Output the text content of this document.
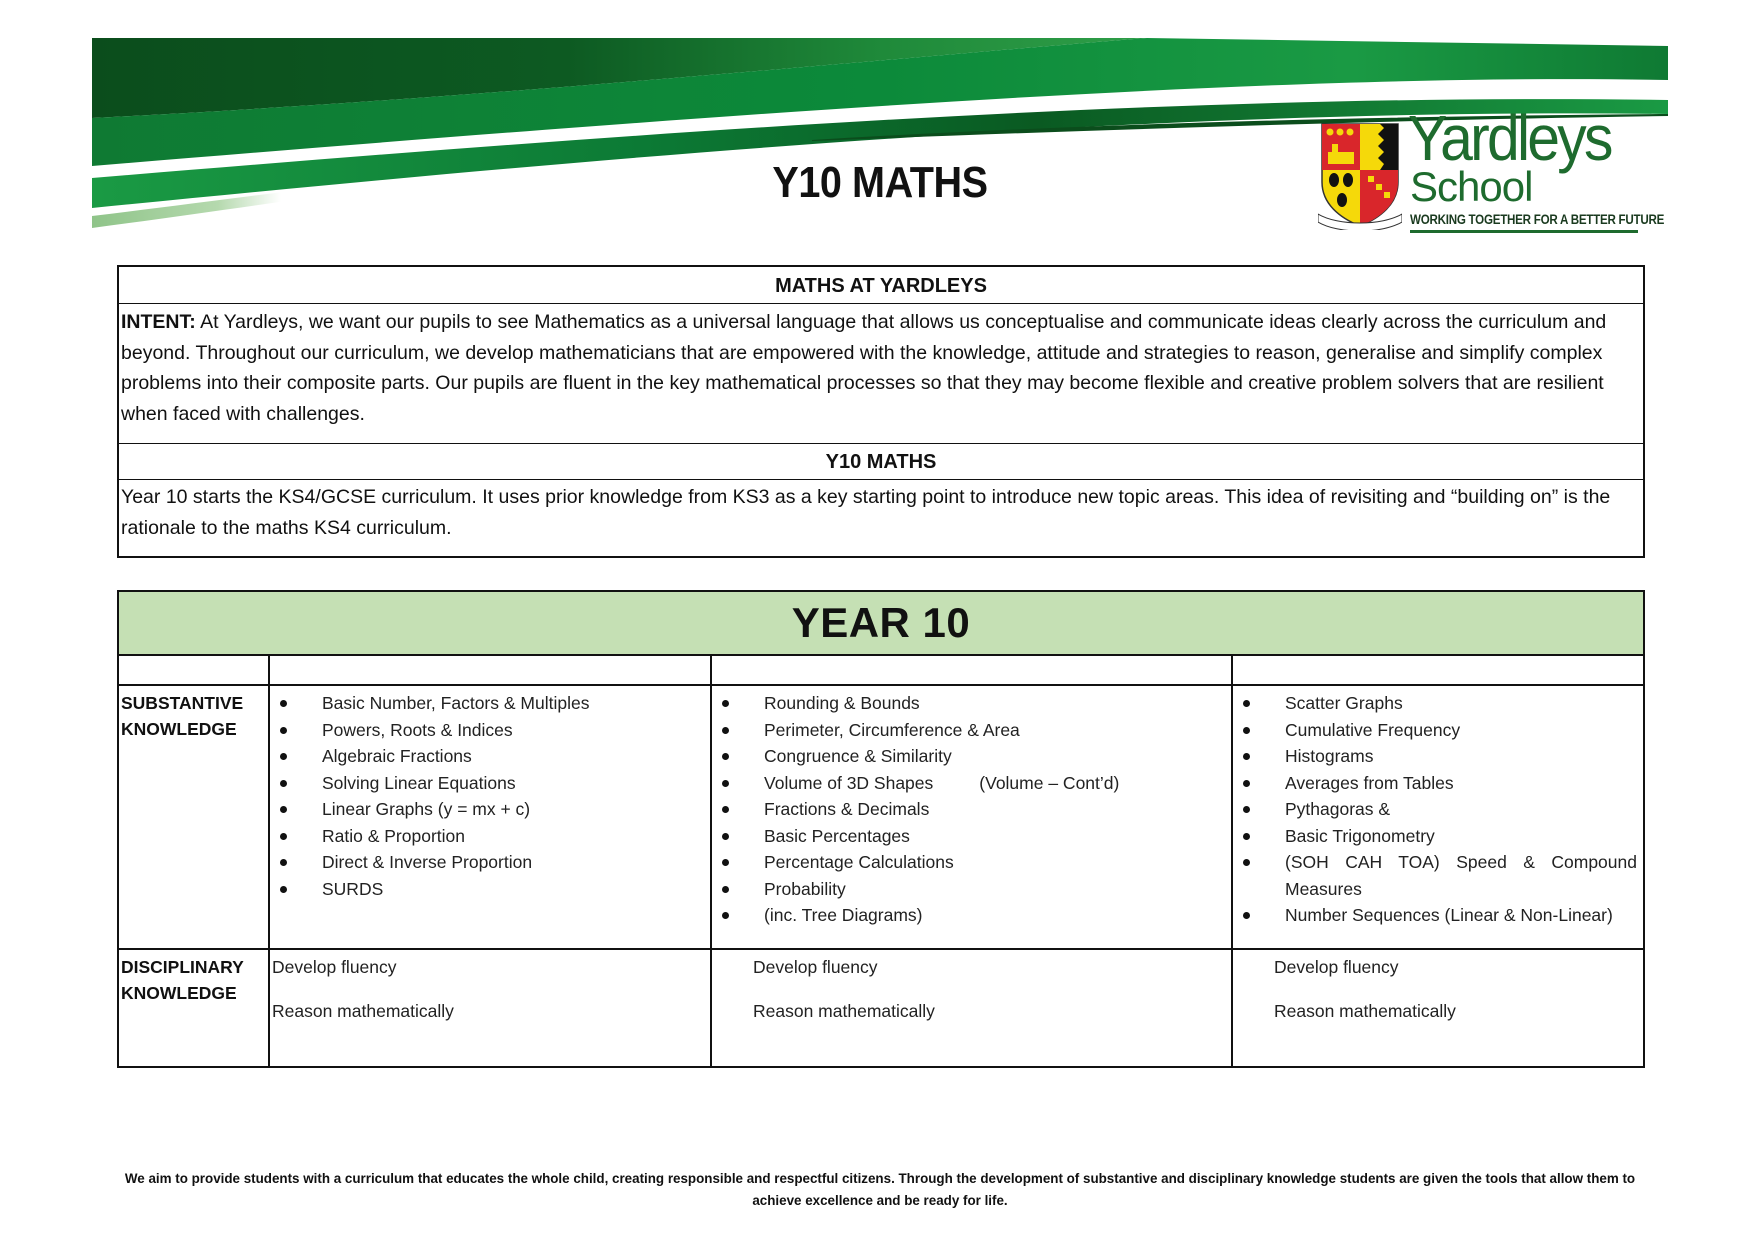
Y10 MATHS
Yardleys
School
WORKING TOGETHER FOR A BETTER FUTURE
MATHS AT YARDLEYS
INTENT: At Yardleys, we want our pupils to see Mathematics as a universal language that allows us conceptualise and communicate ideas clearly across the curriculum and beyond. Throughout our curriculum, we develop mathematicians that are empowered with the knowledge, attitude and strategies to reason, generalise and simplify complex problems into their composite parts. Our pupils are fluent in the key mathematical processes so that they may become flexible and creative problem solvers that are resilient when faced with challenges.
Y10 MATHS
Year 10 starts the KS4/GCSE curriculum. It uses prior knowledge from KS3 as a key starting point to introduce new topic areas. This idea of revisiting and “building on” is the rationale to the maths KS4 curriculum.
YEAR 10
SUBSTANTIVE
KNOWLEDGE
DISCIPLINARY
KNOWLEDGE
Basic Number, Factors & Multiples
Powers, Roots & Indices
Algebraic Fractions
Solving Linear Equations
Linear Graphs (y = mx + c)
Ratio & Proportion
Direct & Inverse Proportion
SURDS
Rounding & Bounds
Perimeter, Circumference & Area
Congruence & Similarity
Volume of 3D Shapes	(Volume – Cont’d)
Fractions & Decimals
Basic Percentages
Percentage Calculations
Probability
(inc. Tree Diagrams)
Scatter Graphs
Cumulative Frequency
Histograms
Averages from Tables
Pythagoras &
Basic Trigonometry
(SOH CAH TOA) Speed & Compound Measures
Number Sequences (Linear & Non-Linear)
Develop fluency
Reason mathematically
Develop fluency
Reason mathematically
Develop fluency
Reason mathematically
We aim to provide students with a curriculum that educates the whole child, creating responsible and respectful citizens. Through the development of substantive and disciplinary knowledge students are given the tools that allow them to achieve excellence and be ready for life.
